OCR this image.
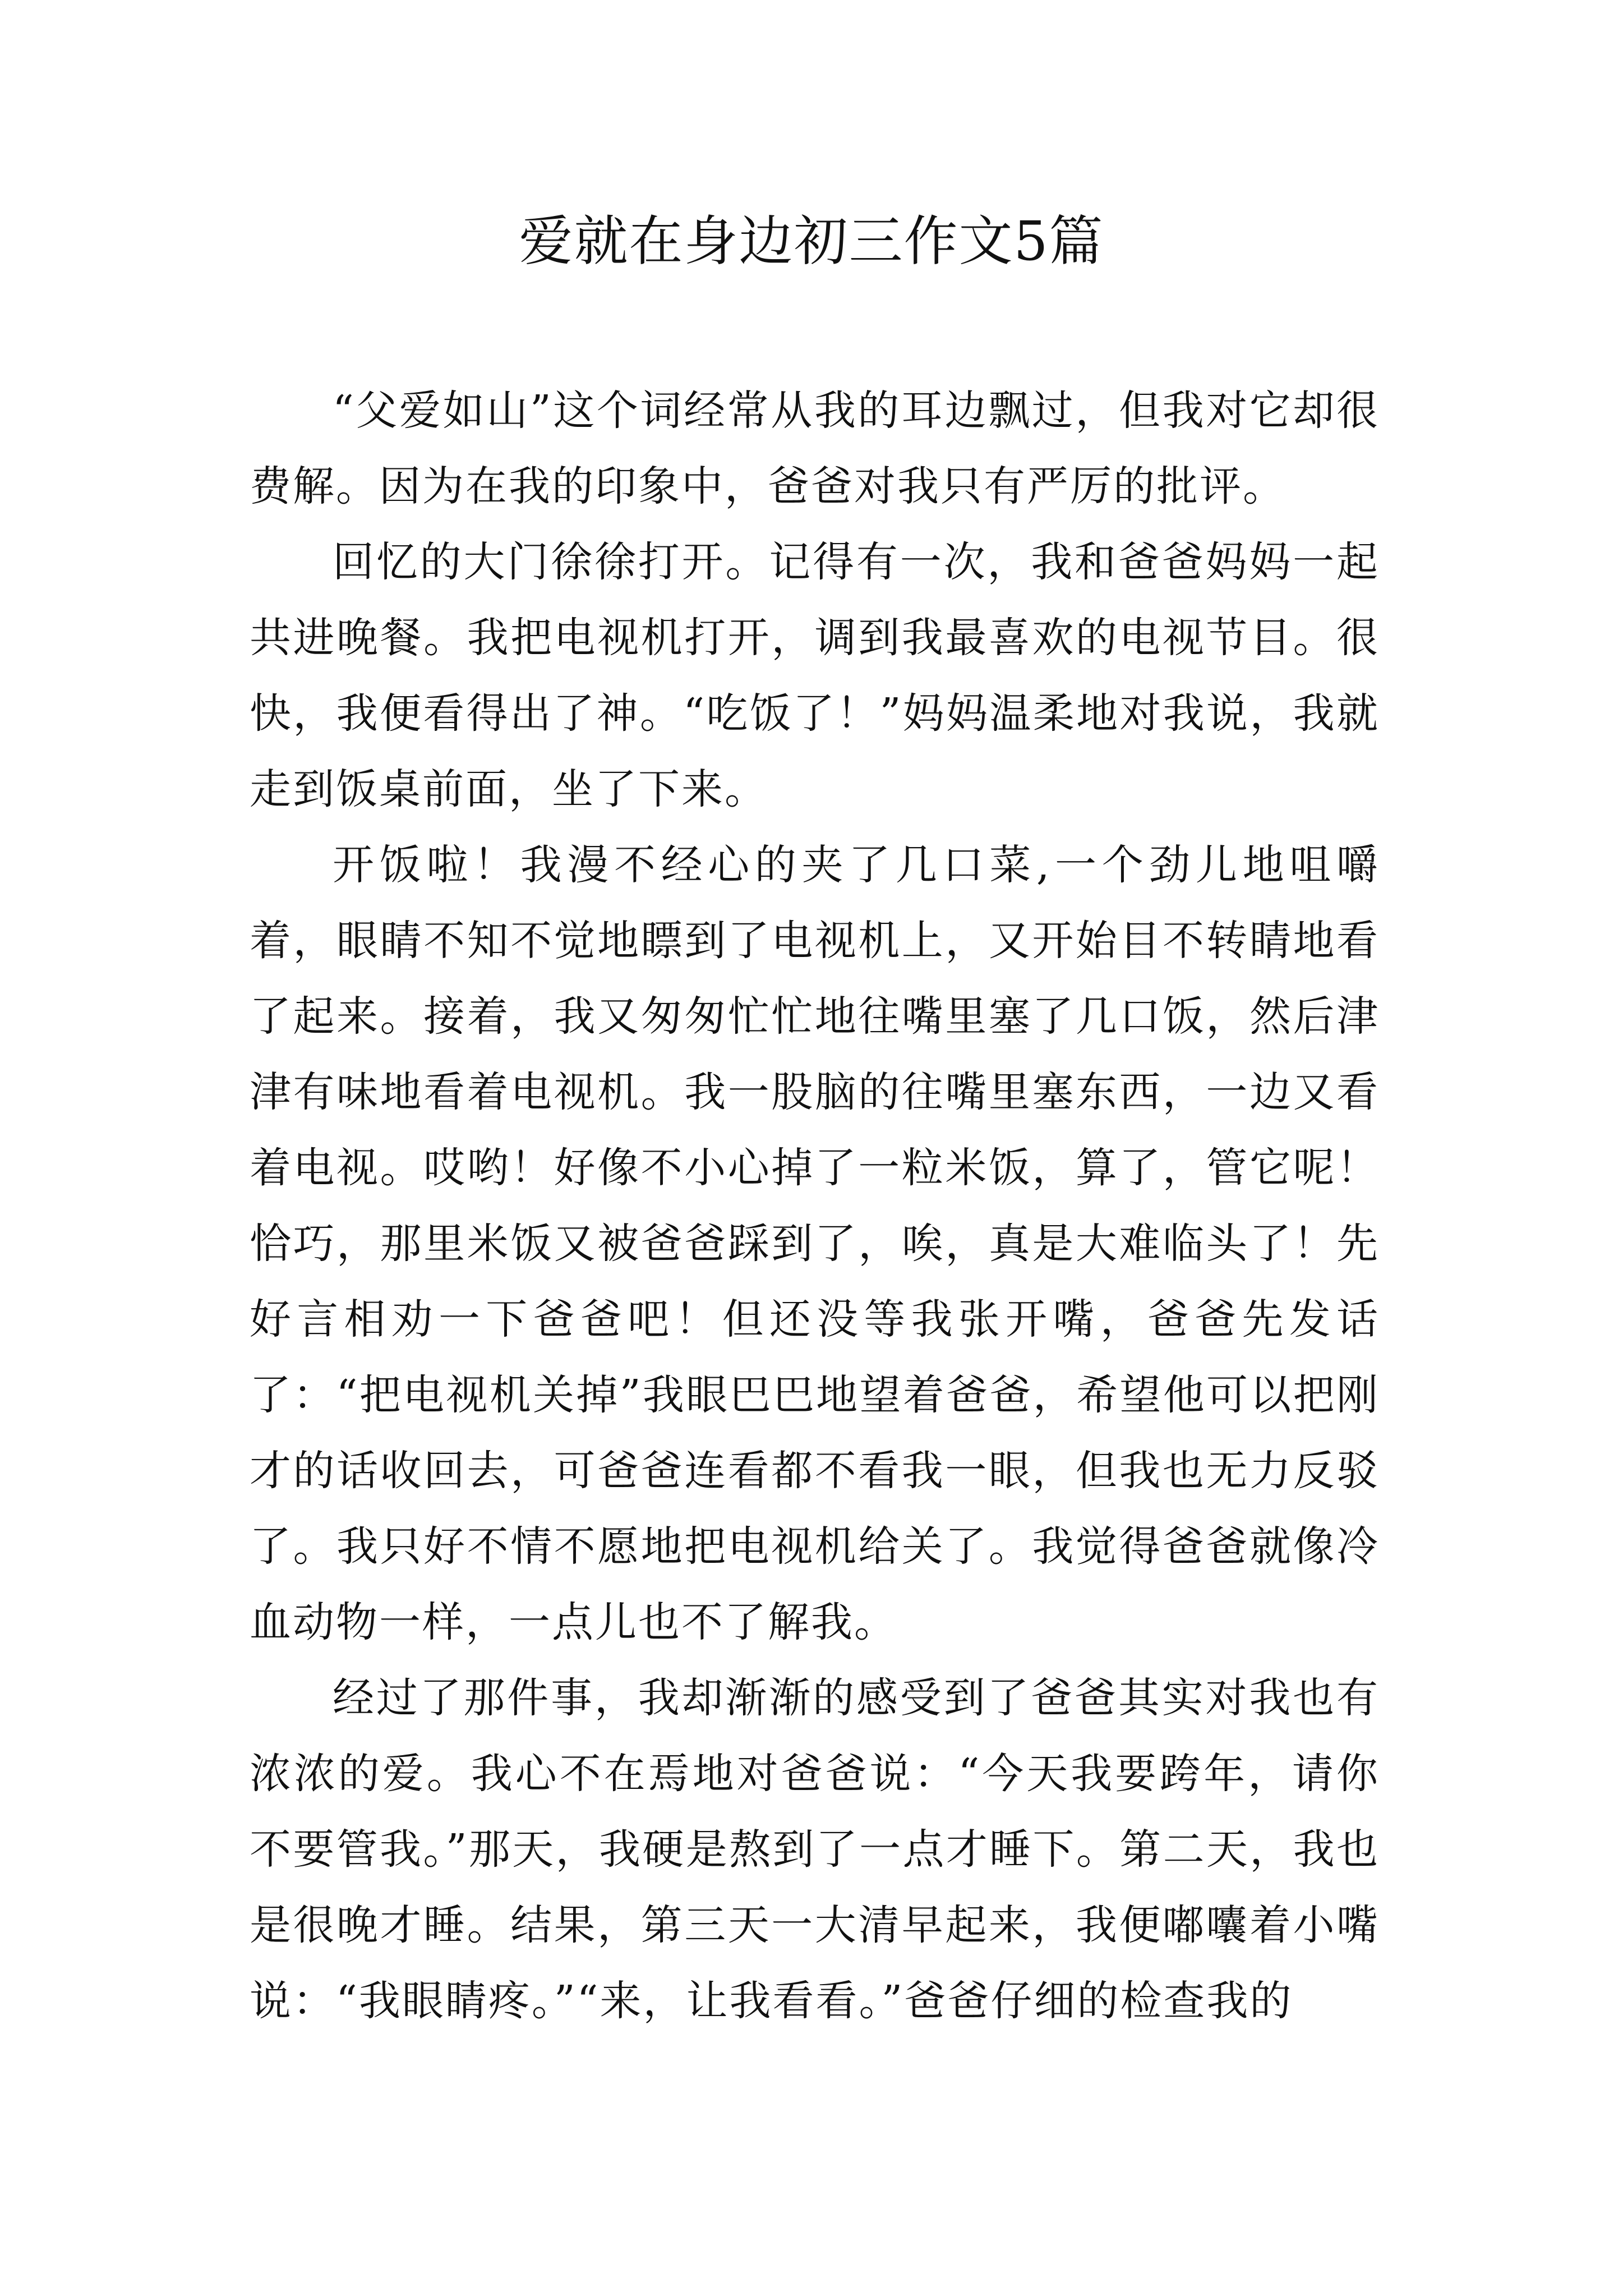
爱就在身边初三作文5篇

“父爱如山”这个词经常从我的耳边飘过，但我对它却很费解。因为在我的印象中，爸爸对我只有严厉的批评。

回忆的大门徐徐打开。记得有一次，我和爸爸妈妈一起共进晚餐。我把电视机打开，调到我最喜欢的电视节目。很快，我便看得出了神。“吃饭了！”妈妈温柔地对我说，我就走到饭桌前面，坐了下来。

开饭啦！我漫不经心的夹了几口菜,一个劲儿地咀嚼着，眼睛不知不觉地瞟到了电视机上，又开始目不转睛地看了起来。接着，我又匆匆忙忙地往嘴里塞了几口饭，然后津津有味地看着电视机。我一股脑的往嘴里塞东西，一边又看着电视。哎哟！好像不小心掉了一粒米饭，算了，管它呢！恰巧，那里米饭又被爸爸踩到了，唉，真是大难临头了！先好言相劝一下爸爸吧！但还没等我张开嘴，爸爸先发话了：“把电视机关掉”我眼巴巴地望着爸爸，希望他可以把刚才的话收回去，可爸爸连看都不看我一眼，但我也无力反驳了。我只好不情不愿地把电视机给关了。我觉得爸爸就像冷血动物一样，一点儿也不了解我。

经过了那件事，我却渐渐的感受到了爸爸其实对我也有浓浓的爱。我心不在焉地对爸爸说：“今天我要跨年，请你不要管我。”那天，我硬是熬到了一点才睡下。第二天，我也是很晚才睡。结果，第三天一大清早起来，我便嘟囔着小嘴说：“我眼睛疼。”“来，让我看看。”爸爸仔细的检查我的
